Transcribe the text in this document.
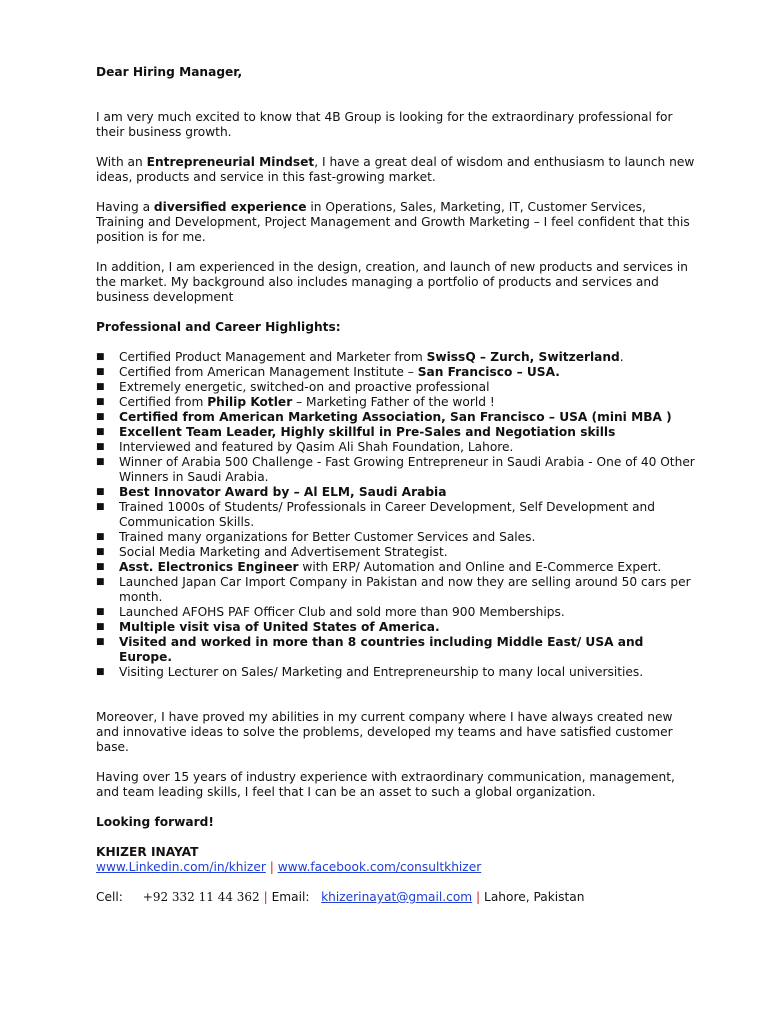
Dear Hiring Manager,

I am very much excited to know that 4B Group is looking for the extraordinary professional for their business growth.

With an Entrepreneurial Mindset, I have a great deal of wisdom and enthusiasm to launch new ideas, products and service in this fast-growing market.

Having a diversified experience in Operations, Sales, Marketing, IT, Customer Services, Training and Development, Project Management and Growth Marketing – I feel confident that this position is for me.

In addition, I am experienced in the design, creation, and launch of new products and services in the market. My background also includes managing a portfolio of products and services and business development

Professional and Career Highlights:

■ Certified Product Management and Marketer from SwissQ – Zurch, Switzerland.
■ Certified from American Management Institute – San Francisco – USA.
■ Extremely energetic, switched-on and proactive professional
■ Certified from Philip Kotler – Marketing Father of the world !
■ Certified from American Marketing Association, San Francisco – USA (mini MBA )
■ Excellent Team Leader, Highly skillful in Pre-Sales and Negotiation skills
■ Interviewed and featured by Qasim Ali Shah Foundation, Lahore.
■ Winner of Arabia 500 Challenge - Fast Growing Entrepreneur in Saudi Arabia - One of 40 Other Winners in Saudi Arabia.
■ Best Innovator Award by – Al ELM, Saudi Arabia
■ Trained 1000s of Students/ Professionals in Career Development, Self Development and Communication Skills.
■ Trained many organizations for Better Customer Services and Sales.
■ Social Media Marketing and Advertisement Strategist.
■ Asst. Electronics Engineer with ERP/ Automation and Online and E-Commerce Expert.
■ Launched Japan Car Import Company in Pakistan and now they are selling around 50 cars per month.
■ Launched AFOHS PAF Officer Club and sold more than 900 Memberships.
■ Multiple visit visa of United States of America.
■ Visited and worked in more than 8 countries including Middle East/ USA and Europe.
■ Visiting Lecturer on Sales/ Marketing and Entrepreneurship to many local universities.

Moreover, I have proved my abilities in my current company where I have always created new and innovative ideas to solve the problems, developed my teams and have satisfied customer base.

Having over 15 years of industry experience with extraordinary communication, management, and team leading skills, I feel that I can be an asset to such a global organization.

Looking forward!

KHIZER INAYAT

www.Linkedin.com/in/khizer | www.facebook.com/consultkhizer

Cell: +92 332 11 44 362 | Email: khizerinayat@gmail.com | Lahore, Pakistan
